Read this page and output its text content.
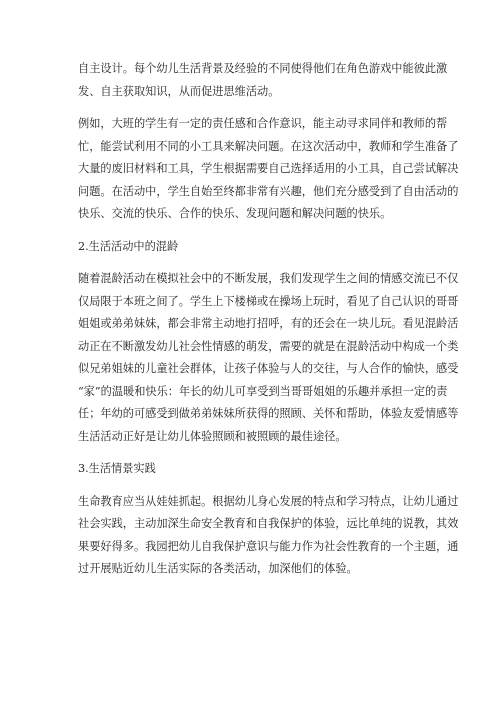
自主设计。每个幼儿生活背景及经验的不同使得他们在角色游戏中能彼此激
发、自主获取知识，从而促进思维活动。

例如，大班的学生有一定的责任感和合作意识，能主动寻求同伴和教师的帮
忙，能尝试利用不同的小工具来解决问题。在这次活动中，教师和学生准备了
大量的废旧材料和工具，学生根据需要自己选择适用的小工具，自己尝试解决
问题。在活动中，学生自始至终都非常有兴趣，他们充分感受到了自由活动的
快乐、交流的快乐、合作的快乐、发现问题和解决问题的快乐。

2.生活活动中的混龄

随着混龄活动在模拟社会中的不断发展，我们发现学生之间的情感交流已不仅
仅局限于本班之间了。学生上下楼梯或在操场上玩时，看见了自己认识的哥哥
姐姐或弟弟妹妹，都会非常主动地打招呼，有的还会在一块儿玩。看见混龄活
动正在不断激发幼儿社会性情感的萌发，需要的就是在混龄活动中构成一个类
似兄弟姐妹的儿童社会群体，让孩子体验与人的交往，与人合作的愉快，感受
“家”的温暖和快乐：年长的幼儿可享受到当哥哥姐姐的乐趣并承担一定的责
任；年幼的可感受到做弟弟妹妹所获得的照顾、关怀和帮助，体验友爱情感等
生活活动正好是让幼儿体验照顾和被照顾的最佳途径。

3.生活情景实践

生命教育应当从娃娃抓起。根据幼儿身心发展的特点和学习特点，让幼儿通过
社会实践，主动加深生命安全教育和自我保护的体验，远比单纯的说教，其效
果要好得多。我园把幼儿自我保护意识与能力作为社会性教育的一个主题，通
过开展贴近幼儿生活实际的各类活动，加深他们的体验。
